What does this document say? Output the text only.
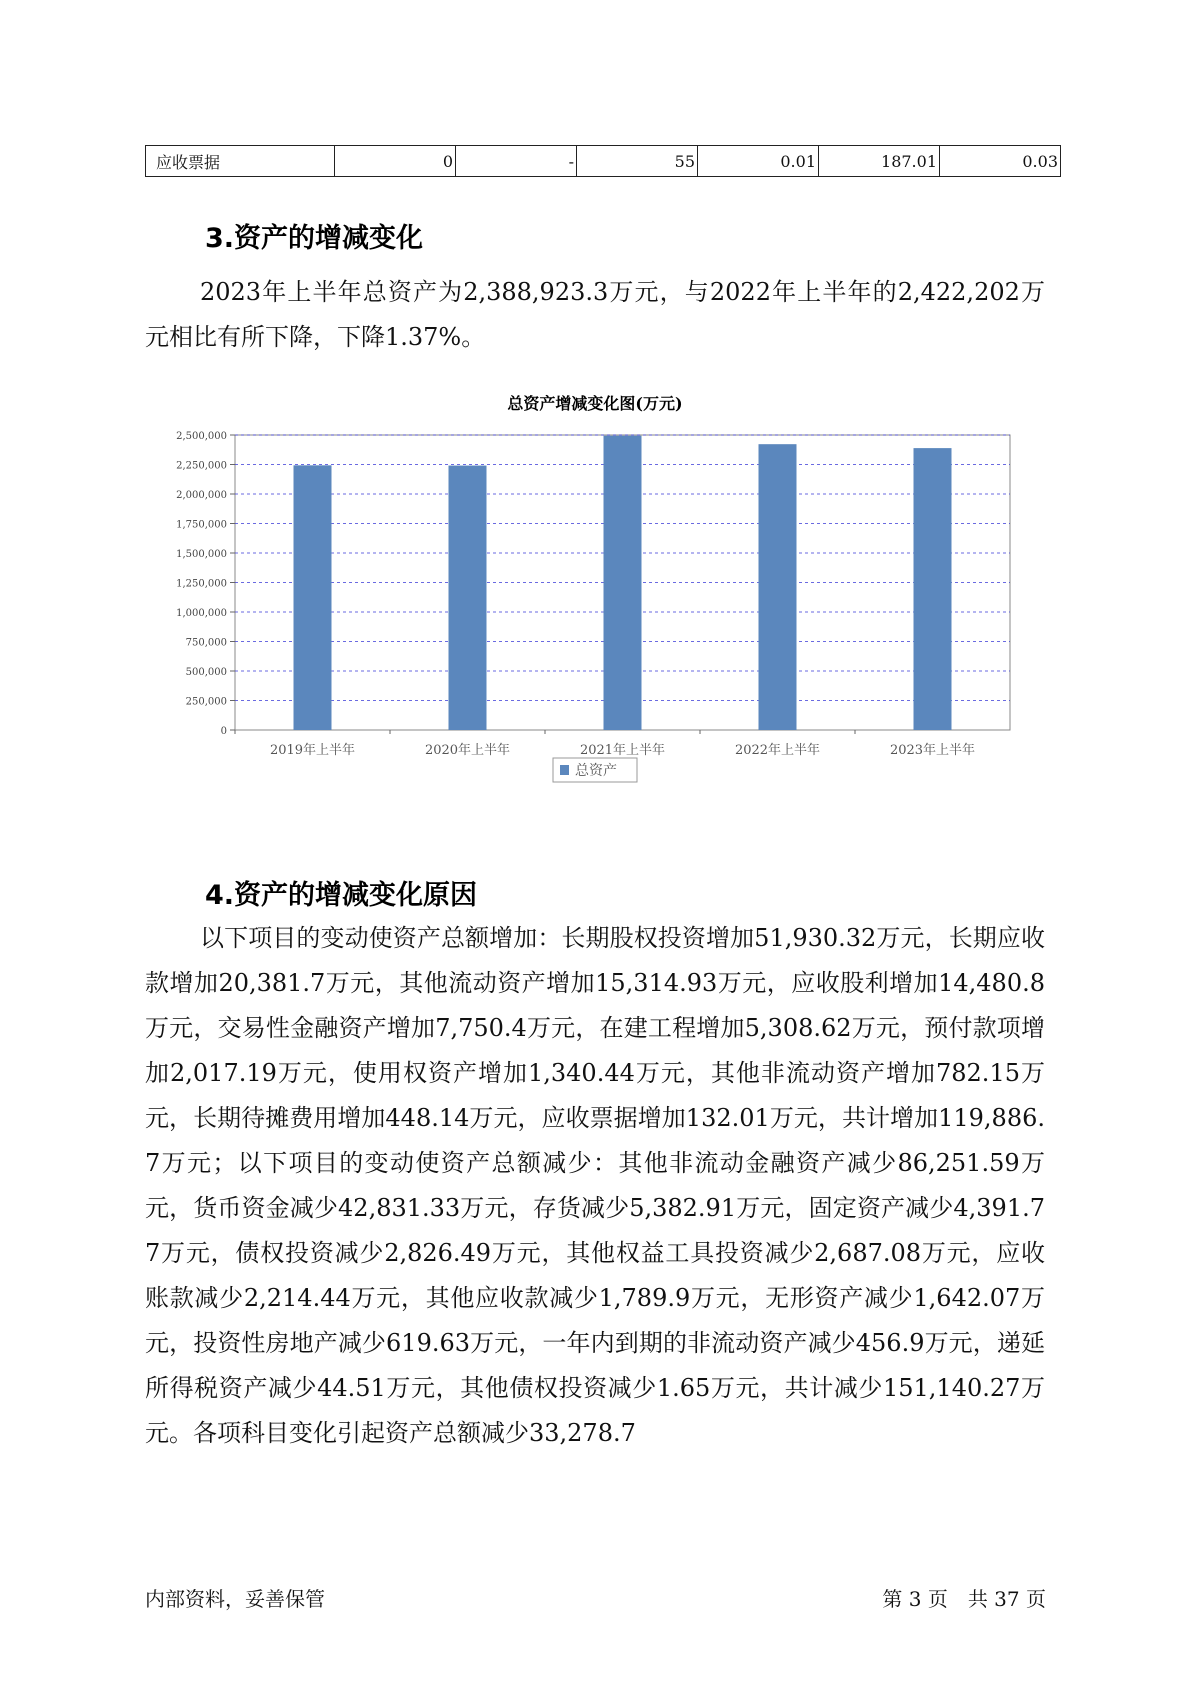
应收票据	0	-	55	0.01	187.01	0.03
3.资产的增减变化

2023年上半年总资产为2,388,923.3万元，与2022年上半年的2,422,202万元相比有所下降，下降1.37%。

总资产增减变化图(万元)
0
250,000
500,000
750,000
1,000,000
1,250,000
1,500,000
1,750,000
2,000,000
2,250,000
2,500,000
2019年上半年	2020年上半年	2021年上半年	2022年上半年	2023年上半年
总资产
4.资产的增减变化原因

以下项目的变动使资产总额增加：长期股权投资增加51,930.32万元，长期应收款增加20,381.7万元，其他流动资产增加15,314.93万元，应收股利增加14,480.8万元，交易性金融资产增加7,750.4万元，在建工程增加5,308.62万元，预付款项增加2,017.19万元，使用权资产增加1,340.44万元，其他非流动资产增加782.15万元，长期待摊费用增加448.14万元，应收票据增加132.01万元，共计增加119,886.7万元；以下项目的变动使资产总额减少：其他非流动金融资产减少86,251.59万元，货币资金减少42,831.33万元，存货减少5,382.91万元，固定资产减少4,391.77万元，债权投资减少2,826.49万元，其他权益工具投资减少2,687.08万元，应收账款减少2,214.44万元，其他应收款减少1,789.9万元，无形资产减少1,642.07万元，投资性房地产减少619.63万元，一年内到期的非流动资产减少456.9万元，递延所得税资产减少44.51万元，其他债权投资减少1.65万元，共计减少151,140.27万元。各项科目变化引起资产总额减少33,278.7

内部资料，妥善保管	第 3 页　共 37 页
